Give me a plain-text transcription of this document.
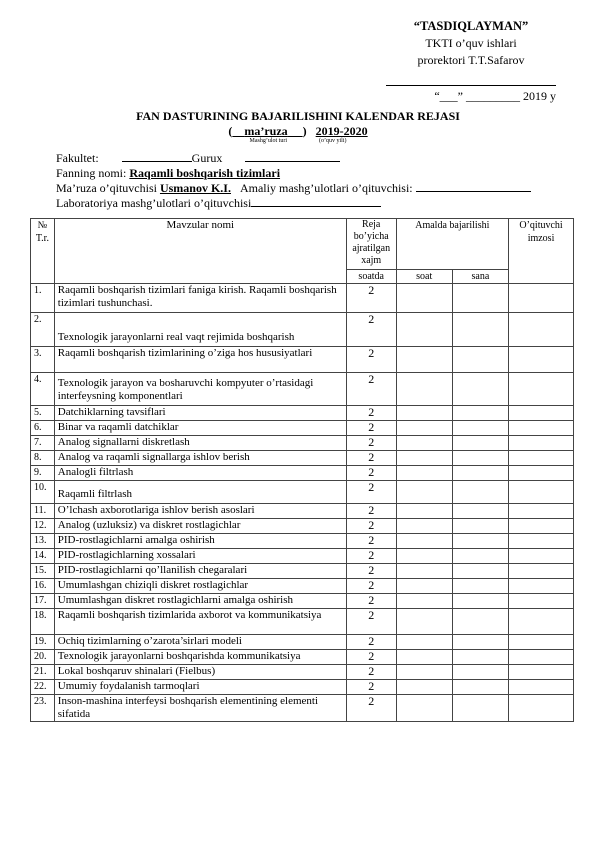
“TASDIQLAYMAN”
TKTI o’quv ishlari
prorektori T.T.Safarov
“___” _________ 2019 y
FAN DASTURINING BAJARILISHINI KALENDAR REJASI
( ma’ruza )   2019-2020
Mashg’ulot turi	(o’quv yili)
Fakultet:	Gurux
Fanning nomi: Raqamli boshqarish tizimlari
Ma’ruza o’qituvchisi Usmanov K.I. Amaliy mashg’ulotlari o’qituvchisi:
Laboratoriya mashg’ulotlari o’qituvchisi
№ T.r.	Mavzular nomi	Reja bo’yicha ajratilgan xajm	Amalda bajarilishi		O’qituvchi imzosi
		soatda	soat	sana	
1.	Raqamli boshqarish tizimlari faniga kirish. Raqamli boshqarish tizimlari tushunchasi.	2			
2.	Texnologik jarayonlarni real vaqt rejimida boshqarish	2			
3.	Raqamli boshqarish tizimlarining o’ziga hos hususiyatlari	2			
4.	Texnologik jarayon va bosharuvchi kompyuter o’rtasidagi interfeysning komponentlari	2			
5.	Datchiklarning tavsiflari	2			
6.	Binar va raqamli datchiklar	2			
7.	Analog signallarni diskretlash	2			
8.	Analog va raqamli signallarga ishlov berish	2			
9.	Analogli filtrlash	2			
10.	Raqamli filtrlash	2			
11.	O’lchash axborotlariga ishlov berish asoslari	2			
12.	Analog (uzluksiz) va diskret rostlagichlar	2			
13.	PID-rostlagichlarni amalga oshirish	2			
14.	PID-rostlagichlarning xossalari	2			
15.	PID-rostlagichlarni qo’llanilish chegaralari	2			
16.	Umumlashgan chiziqli diskret rostlagichlar	2			
17.	Umumlashgan diskret rostlagichlarni amalga oshirish	2			
18.	Raqamli boshqarish tizimlarida axborot va kommunikatsiya	2			
19.	Ochiq tizimlarning o’zarota’sirlari modeli	2			
20.	Texnologik jarayonlarni boshqarishda kommunikatsiya	2			
21.	Lokal boshqaruv shinalari (Fielbus)	2			
22.	Umumiy foydalanish tarmoqlari	2			
23.	Inson-mashina interfeysi boshqarish elementining elementi sifatida	2			
